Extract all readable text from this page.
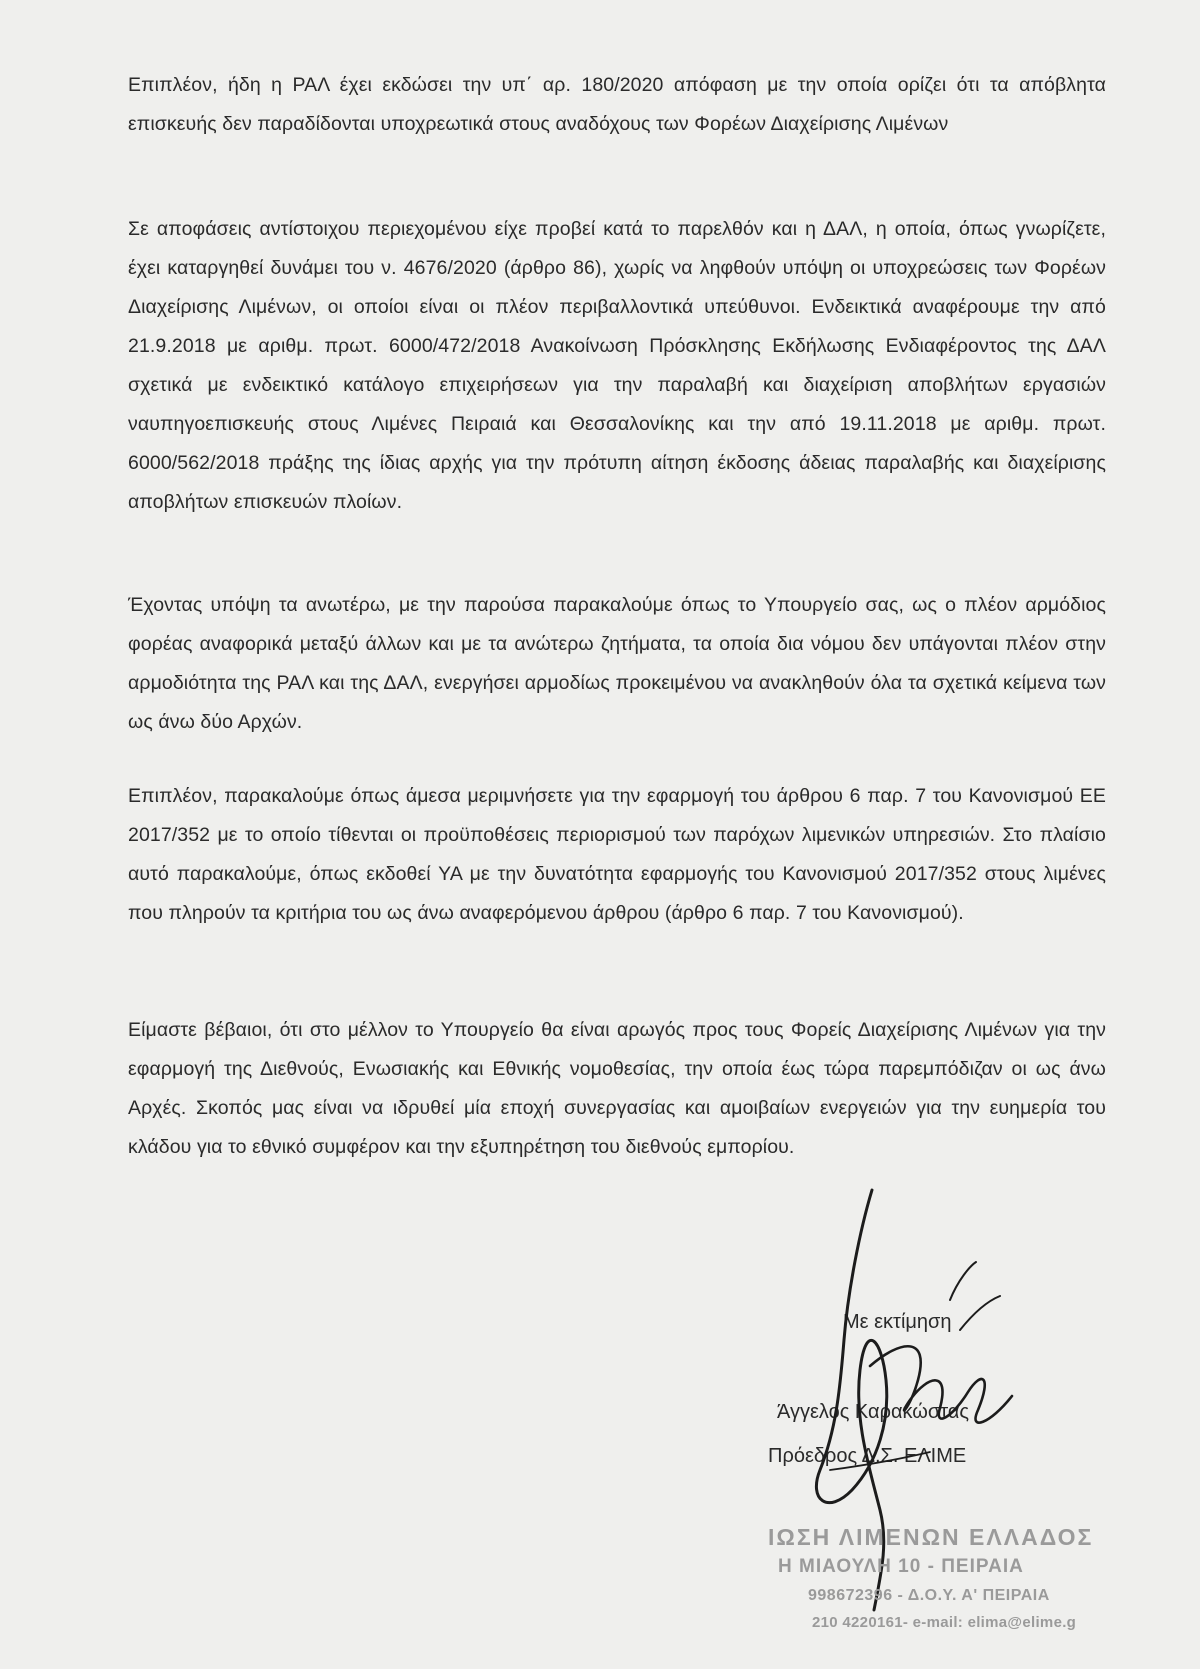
Επιπλέον, ήδη η ΡΑΛ έχει εκδώσει την υπ΄ αρ. 180/2020 απόφαση με την οποία ορίζει ότι τα απόβλητα επισκευής δεν παραδίδονται υποχρεωτικά στους αναδόχους των Φορέων Διαχείρισης Λιμένων

Σε αποφάσεις αντίστοιχου περιεχομένου είχε προβεί κατά το παρελθόν και η ΔΑΛ, η οποία, όπως γνωρίζετε, έχει καταργηθεί δυνάμει του ν. 4676/2020 (άρθρο 86), χωρίς να ληφθούν υπόψη οι υποχρεώσεις των Φορέων Διαχείρισης Λιμένων, οι οποίοι είναι οι πλέον περιβαλλοντικά υπεύθυνοι. Ενδεικτικά αναφέρουμε την από 21.9.2018 με αριθμ. πρωτ. 6000/472/2018 Ανακοίνωση Πρόσκλησης Εκδήλωσης Ενδιαφέροντος της ΔΑΛ σχετικά με ενδεικτικό κατάλογο επιχειρήσεων για την παραλαβή και διαχείριση αποβλήτων εργασιών ναυπηγοεπισκευής στους Λιμένες Πειραιά και Θεσσαλονίκης και την από 19.11.2018 με αριθμ. πρωτ. 6000/562/2018 πράξης της ίδιας αρχής για την πρότυπη αίτηση έκδοσης άδειας παραλαβής και διαχείρισης αποβλήτων επισκευών πλοίων.

Έχοντας υπόψη τα ανωτέρω, με την παρούσα παρακαλούμε όπως το Υπουργείο σας, ως ο πλέον αρμόδιος φορέας αναφορικά μεταξύ άλλων και με τα ανώτερω ζητήματα, τα οποία δια νόμου δεν υπάγονται πλέον στην αρμοδιότητα της ΡΑΛ και της ΔΑΛ, ενεργήσει αρμοδίως προκειμένου να ανακληθούν όλα τα σχετικά κείμενα των ως άνω δύο Αρχών.

Επιπλέον, παρακαλούμε όπως άμεσα μεριμνήσετε για την εφαρμογή του άρθρου 6 παρ. 7 του Κανονισμού ΕΕ 2017/352 με το οποίο τίθενται οι προϋποθέσεις περιορισμού των παρόχων λιμενικών υπηρεσιών. Στο πλαίσιο αυτό παρακαλούμε, όπως εκδοθεί ΥΑ με την δυνατότητα εφαρμογής του Κανονισμού 2017/352 στους λιμένες που πληρούν τα κριτήρια του ως άνω αναφερόμενου άρθρου (άρθρο 6 παρ. 7 του Κανονισμού).

Είμαστε βέβαιοι, ότι στο μέλλον το Υπουργείο θα είναι αρωγός προς τους Φορείς Διαχείρισης Λιμένων για την εφαρμογή της Διεθνούς, Ενωσιακής και Εθνικής νομοθεσίας, την οποία έως τώρα παρεμπόδιζαν οι ως άνω Αρχές. Σκοπός μας είναι να ιδρυθεί μία εποχή συνεργασίας και αμοιβαίων ενεργειών για την ευημερία του κλάδου για το εθνικό συμφέρον και την εξυπηρέτηση του διεθνούς εμπορίου.

Με εκτίμηση
Άγγελος Καρακώστας
Πρόεδρος Δ.Σ. ΕΛΙΜΕ
ΙΩΣΗ ΛΙΜΕΝΩΝ ΕΛΛΑΔΟΣ
Η ΜΙΑΟΥΛΗ 10 - ΠΕΙΡΑΙΑ
998672396 - Δ.Ο.Υ. Α' ΠΕΙΡΑΙΑ
210 4220161- e-mail: elima@elime.g
